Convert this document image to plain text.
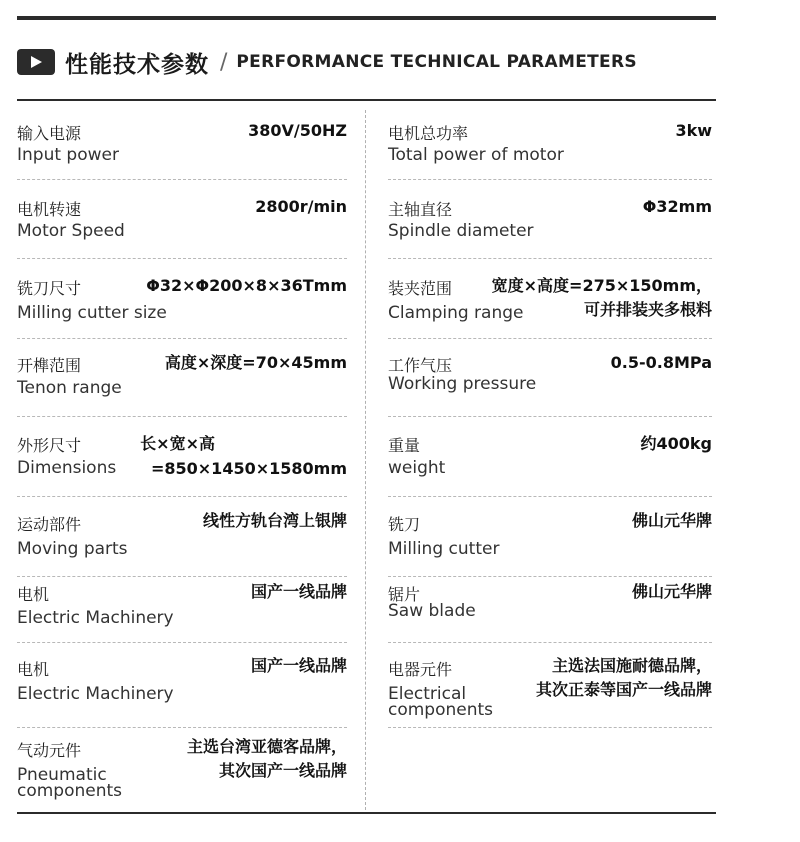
性能技术参数 / PERFORMANCE TECHNICAL PARAMETERS
输入电源
Input power
380V/50HZ
电机转速
Motor Speed
2800r/min
铣刀尺寸
Milling cutter size
Φ32×Φ200×8×36Tmm
开榫范围
Tenon range
高度×深度=70×45mm
外形尺寸
Dimensions
长×宽×高
=850×1450×1580mm
运动部件
Moving parts
线性方轨台湾上银牌
电机
Electric Machinery
国产一线品牌
电机
Electric Machinery
国产一线品牌
气动元件
Pneumatic
components
主选台湾亚德客品牌，
其次国产一线品牌
电机总功率
Total power of motor
3kw
主轴直径
Spindle diameter
Φ32mm
装夹范围
Clamping range
宽度×高度=275×150mm，
可并排装夹多根料
工作气压
Working pressure
0.5-0.8MPa
重量
weight
约400kg
铣刀
Milling cutter
佛山元华牌
锯片
Saw blade
佛山元华牌
电器元件
Electrical
components
主选法国施耐德品牌，
其次正泰等国产一线品牌
